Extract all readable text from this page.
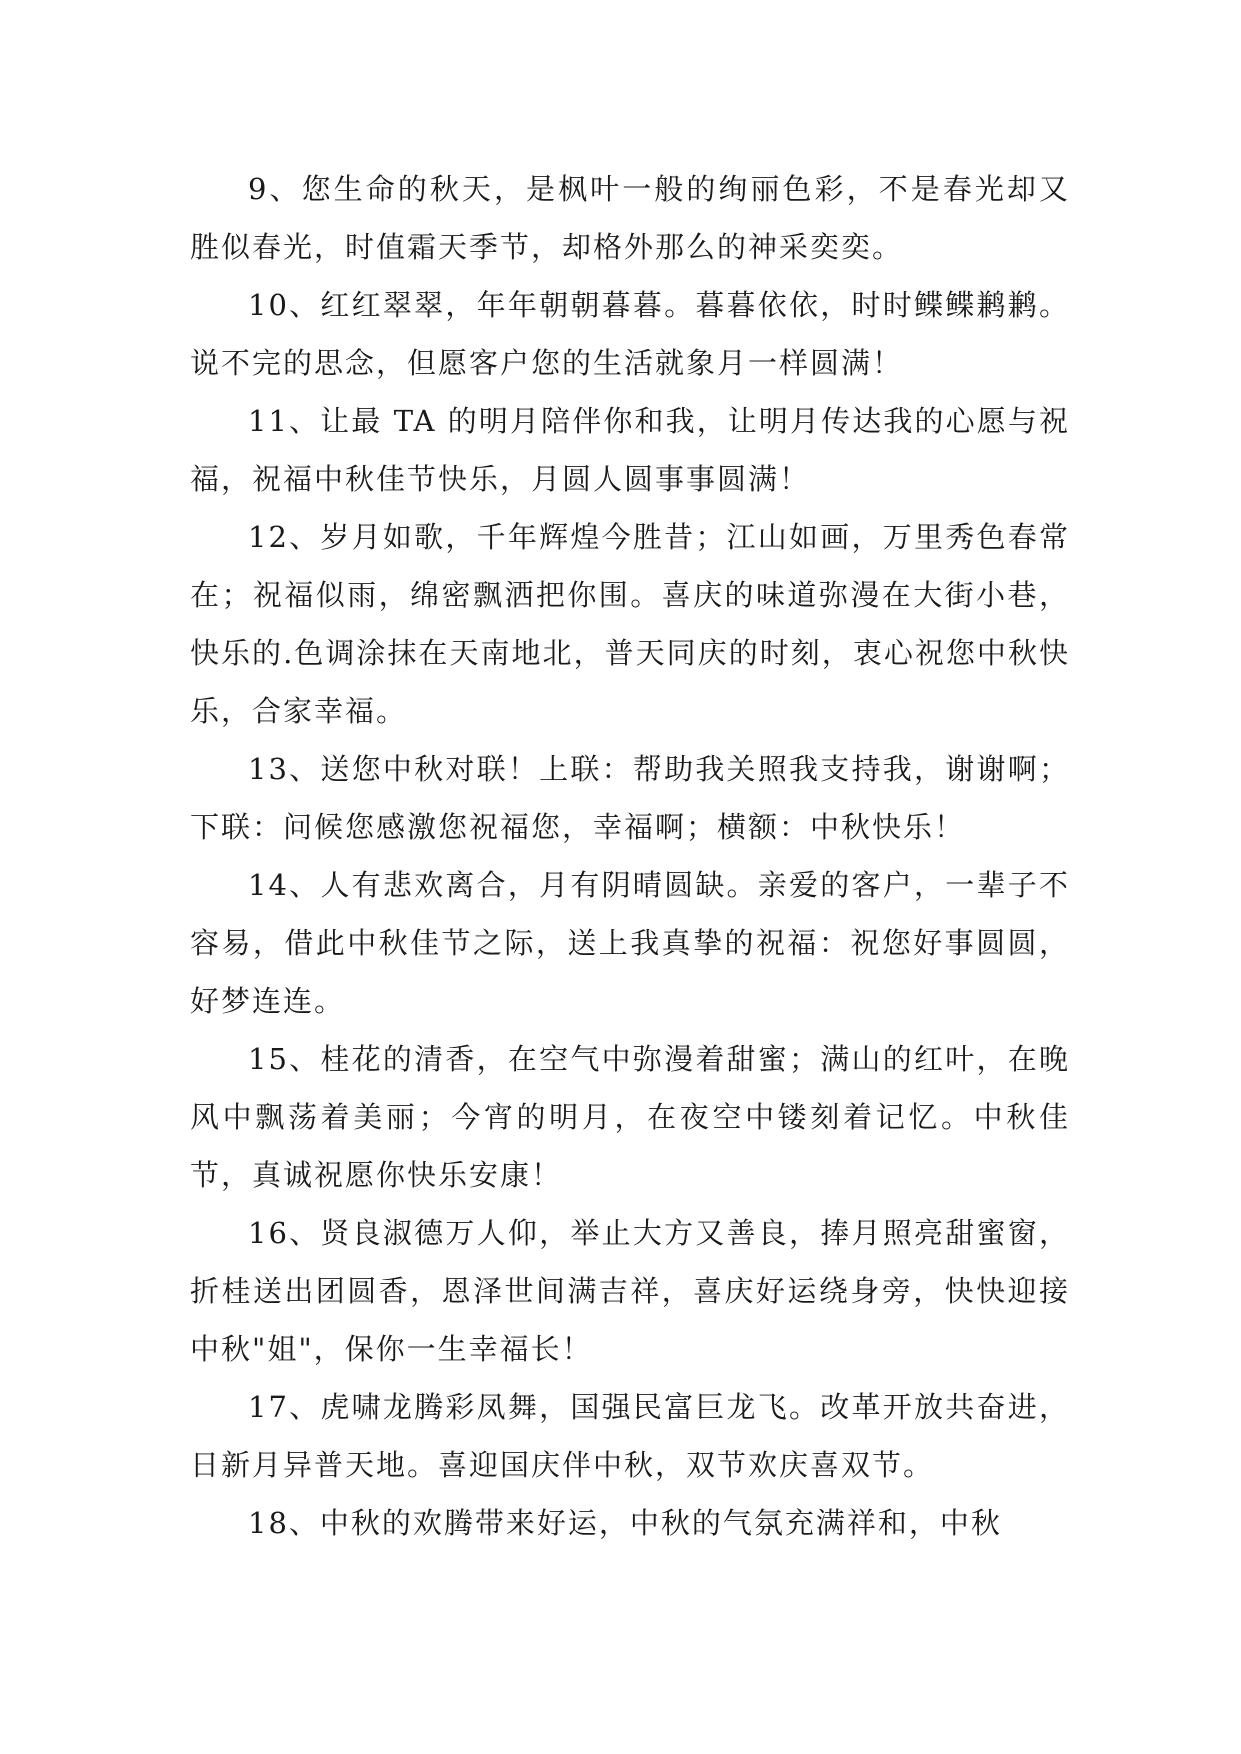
9、您生命的秋天，是枫叶一般的绚丽色彩，不是春光却又胜似春光，时值霜天季节，却格外那么的神采奕奕。

10、红红翠翠，年年朝朝暮暮。暮暮依依，时时鲽鲽鹣鹣。说不完的思念，但愿客户您的生活就象月一样圆满！

11、让最 TA 的明月陪伴你和我，让明月传达我的心愿与祝福，祝福中秋佳节快乐，月圆人圆事事圆满！

12、岁月如歌，千年辉煌今胜昔；江山如画，万里秀色春常在；祝福似雨，绵密飘洒把你围。喜庆的味道弥漫在大街小巷，快乐的.色调涂抹在天南地北，普天同庆的时刻，衷心祝您中秋快乐，合家幸福。

13、送您中秋对联！上联：帮助我关照我支持我，谢谢啊；下联：问候您感激您祝福您，幸福啊；横额：中秋快乐！

14、人有悲欢离合，月有阴晴圆缺。亲爱的客户，一辈子不容易，借此中秋佳节之际，送上我真挚的祝福：祝您好事圆圆，好梦连连。

15、桂花的清香，在空气中弥漫着甜蜜；满山的红叶，在晚风中飘荡着美丽；今宵的明月，在夜空中镂刻着记忆。中秋佳节，真诚祝愿你快乐安康！

16、贤良淑德万人仰，举止大方又善良，捧月照亮甜蜜窗，折桂送出团圆香，恩泽世间满吉祥，喜庆好运绕身旁，快快迎接中秋"姐"，保你一生幸福长！

17、虎啸龙腾彩凤舞，国强民富巨龙飞。改革开放共奋进，日新月异普天地。喜迎国庆伴中秋，双节欢庆喜双节。

18、中秋的欢腾带来好运，中秋的气氛充满祥和，中秋
